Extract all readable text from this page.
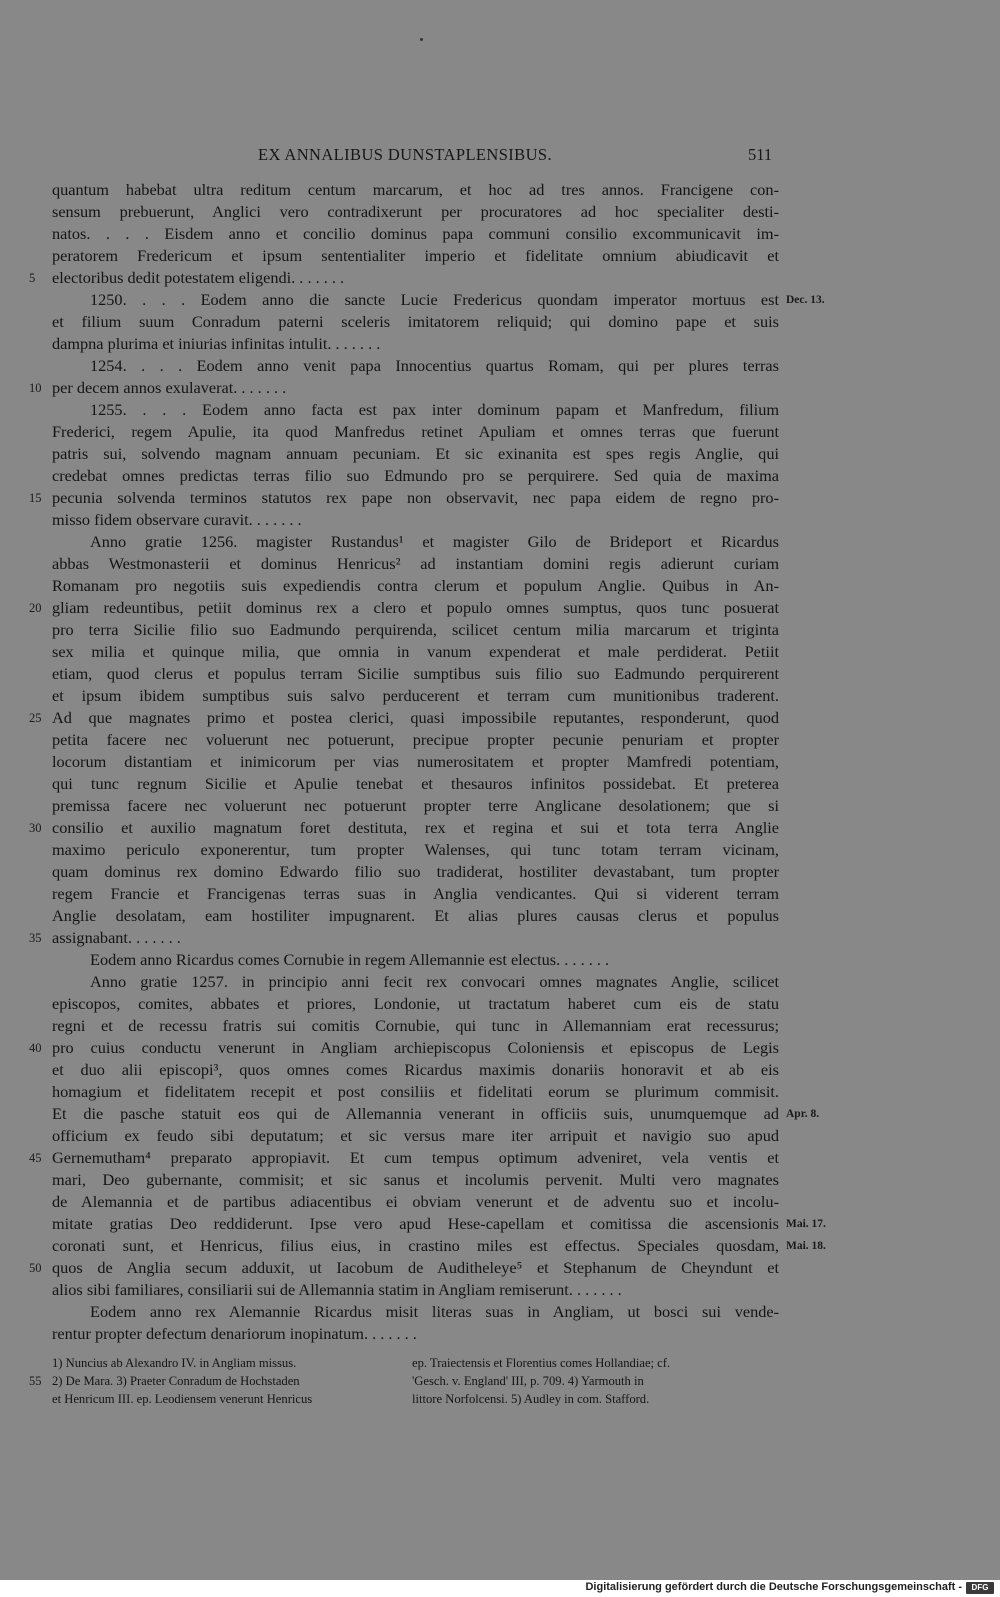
EX ANNALIBUS DUNSTAPLENSIBUS.	511
quantum habebat ultra reditum centum marcarum, et hoc ad tres annos. Francigene con-
sensum prebuerunt, Anglici vero contradixerunt per procuratores ad hoc specialiter desti-
natos. . . . Eisdem anno et concilio dominus papa communi consilio excommunicavit im-
peratorem Fredericum et ipsum sententialiter imperio et fidelitate omnium abiudicavit et
electoribus dedit potestatem eligendi. . . . . . .
1250. . . . Eodem anno die sancte Lucie Fredericus quondam imperator mortuus est
et filium suum Conradum paterni sceleris imitatorem reliquid; qui domino pape et suis
dampna plurima et iniurias infinitas intulit. . . . . . .
1254. . . . Eodem anno venit papa Innocentius quartus Romam, qui per plures terras
per decem annos exulaverat. . . . . . .
1255. . . . Eodem anno facta est pax inter dominum papam et Manfredum, filium
Frederici, regem Apulie, ita quod Manfredus retinet Apuliam et omnes terras que fuerunt
patris sui, solvendo magnam annuam pecuniam. Et sic exinanita est spes regis Anglie, qui
credebat omnes predictas terras filio suo Edmundo pro se perquirere. Sed quia de maxima
pecunia solvenda terminos statutos rex pape non observavit, nec papa eidem de regno pro-
misso fidem observare curavit. . . . . . .
Anno gratie 1256. magister Rustandus¹ et magister Gilo de Brideport et Ricardus
abbas Westmonasterii et dominus Henricus² ad instantiam domini regis adierunt curiam
Romanam pro negotiis suis expediendis contra clerum et populum Anglie. Quibus in An-
gliam redeuntibus, petiit dominus rex a clero et populo omnes sumptus, quos tunc posuerat
pro terra Sicilie filio suo Eadmundo perquirenda, scilicet centum milia marcarum et triginta
sex milia et quinque milia, que omnia in vanum expenderat et male perdiderat. Petiit
etiam, quod clerus et populus terram Sicilie sumptibus suis filio suo Eadmundo perquirerent
et ipsum ibidem sumptibus suis salvo perducerent et terram cum munitionibus traderent.
Ad que magnates primo et postea clerici, quasi impossibile reputantes, responderunt, quod
petita facere nec voluerunt nec potuerunt, precipue propter pecunie penuriam et propter
locorum distantiam et inimicorum per vias numerositatem et propter Mamfredi potentiam,
qui tunc regnum Sicilie et Apulie tenebat et thesauros infinitos possidebat. Et preterea
premissa facere nec voluerunt nec potuerunt propter terre Anglicane desolationem; que si
consilio et auxilio magnatum foret destituta, rex et regina et sui et tota terra Anglie
maximo periculo exponerentur, tum propter Walenses, qui tunc totam terram vicinam,
quam dominus rex domino Edwardo filio suo tradiderat, hostiliter devastabant, tum propter
regem Francie et Francigenas terras suas in Anglia vendicantes. Qui si viderent terram
Anglie desolatam, eam hostiliter impugnarent. Et alias plures causas clerus et populus
assignabant. . . . . . .
Eodem anno Ricardus comes Cornubie in regem Allemannie est electus. . . . . . .
Anno gratie 1257. in principio anni fecit rex convocari omnes magnates Anglie, scilicet
episcopos, comites, abbates et priores, Londonie, ut tractatum haberet cum eis de statu
regni et de recessu fratris sui comitis Cornubie, qui tunc in Allemanniam erat recessurus;
pro cuius conductu venerunt in Angliam archiepiscopus Coloniensis et episcopus de Legis
et duo alii episcopi³, quos omnes comes Ricardus maximis donariis honoravit et ab eis
homagium et fidelitatem recepit et post consiliis et fidelitati eorum se plurimum commisit.
Et die pasche statuit eos qui de Allemannia venerant in officiis suis, unumquemque ad
officium ex feudo sibi deputatum; et sic versus mare iter arripuit et navigio suo apud
Gernemutham⁴ preparato appropiavit. Et cum tempus optimum adveniret, vela ventis et
mari, Deo gubernante, commisit; et sic sanus et incolumis pervenit. Multi vero magnates
de Alemannia et de partibus adiacentibus ei obviam venerunt et de adventu suo et incolu-
mitate gratias Deo reddiderunt. Ipse vero apud Hese-capellam et comitissa die ascensionis
coronati sunt, et Henricus, filius eius, in crastino miles est effectus. Speciales quosdam,
quos de Anglia secum adduxit, ut Iacobum de Auditheleye⁵ et Stephanum de Cheyndunt et
alios sibi familiares, consiliarii sui de Allemannia statim in Angliam remiserunt. . . . . . .
Eodem anno rex Alemannie Ricardus misit literas suas in Angliam, ut bosci sui vende-
rentur propter defectum denariorum inopinatum. . . . . . .
5
10
15
20
25
30
35
40
45
50
Dec. 13.
Apr. 8.
Mai. 17.
Mai. 18.
55
1) Nuncius ab Alexandro IV. in Angliam missus.
2) De Mara. 3) Praeter Conradum de Hochstaden
et Henricum III. ep. Leodiensem venerunt Henricus
ep. Traiectensis et Florentius comes Hollandiae; cf.
'Gesch. v. England' III, p. 709. 4) Yarmouth in
littore Norfolcensi. 5) Audley in com. Stafford.
Digitalisierung gefördert durch die Deutsche Forschungsgemeinschaft -	DFG
